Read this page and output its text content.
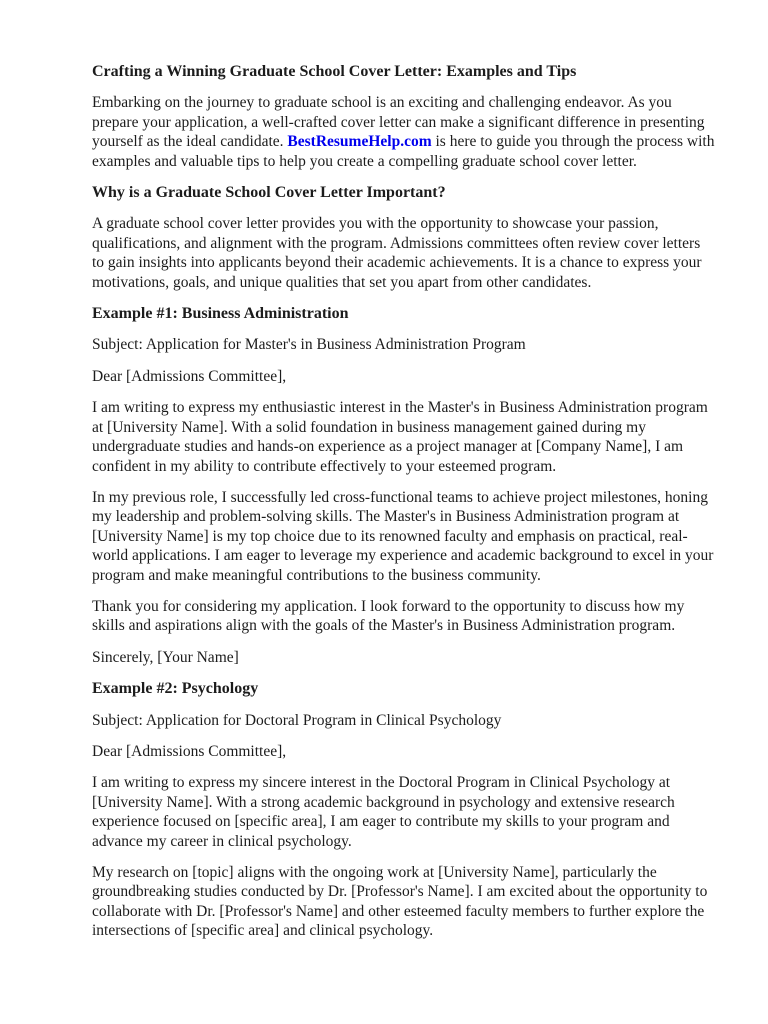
Crafting a Winning Graduate School Cover Letter: Examples and Tips

Embarking on the journey to graduate school is an exciting and challenging endeavor. As you prepare your application, a well-crafted cover letter can make a significant difference in presenting yourself as the ideal candidate. BestResumeHelp.com is here to guide you through the process with examples and valuable tips to help you create a compelling graduate school cover letter.

Why is a Graduate School Cover Letter Important?

A graduate school cover letter provides you with the opportunity to showcase your passion, qualifications, and alignment with the program. Admissions committees often review cover letters to gain insights into applicants beyond their academic achievements. It is a chance to express your motivations, goals, and unique qualities that set you apart from other candidates.

Example #1: Business Administration

Subject: Application for Master's in Business Administration Program

Dear [Admissions Committee],

I am writing to express my enthusiastic interest in the Master's in Business Administration program at [University Name]. With a solid foundation in business management gained during my undergraduate studies and hands-on experience as a project manager at [Company Name], I am confident in my ability to contribute effectively to your esteemed program.

In my previous role, I successfully led cross-functional teams to achieve project milestones, honing my leadership and problem-solving skills. The Master's in Business Administration program at [University Name] is my top choice due to its renowned faculty and emphasis on practical, real-world applications. I am eager to leverage my experience and academic background to excel in your program and make meaningful contributions to the business community.

Thank you for considering my application. I look forward to the opportunity to discuss how my skills and aspirations align with the goals of the Master's in Business Administration program.

Sincerely, [Your Name]

Example #2: Psychology

Subject: Application for Doctoral Program in Clinical Psychology

Dear [Admissions Committee],

I am writing to express my sincere interest in the Doctoral Program in Clinical Psychology at [University Name]. With a strong academic background in psychology and extensive research experience focused on [specific area], I am eager to contribute my skills to your program and advance my career in clinical psychology.

My research on [topic] aligns with the ongoing work at [University Name], particularly the groundbreaking studies conducted by Dr. [Professor's Name]. I am excited about the opportunity to collaborate with Dr. [Professor's Name] and other esteemed faculty members to further explore the intersections of [specific area] and clinical psychology.
